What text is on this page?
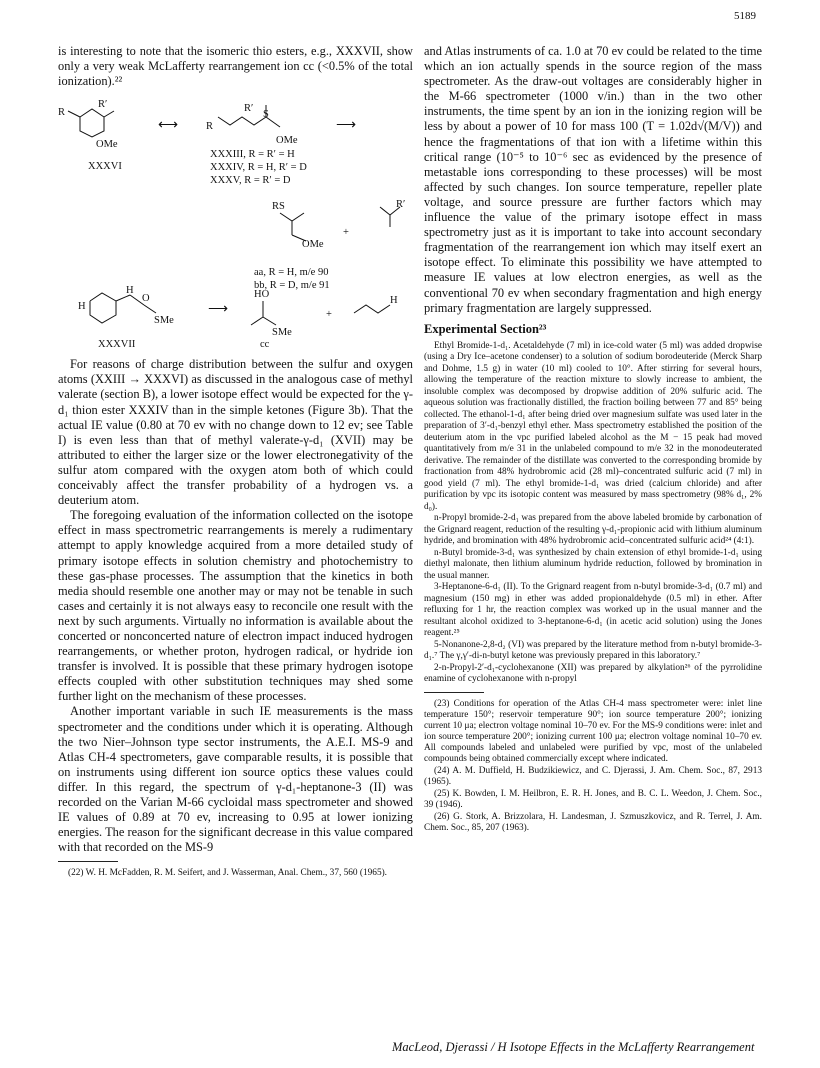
5189

is interesting to note that the isomeric thio esters, e.g., XXXVII, show only a very weak McLafferty rearrangement ion cc (<0.5% of the total ionization).²²

R
R′
OMe
XXXVI
⟷	R
R′
S
OMe
⟶
XXXIII, R = R′ = H
XXXIV, R = H, R′ = D
XXXV, R = R′ = D
RS
OMe
+
R′
aa, R = H, m/e 90
bb, R = D, m/e 91
H
H
O
SMe
⟶
HO
SMe
+
H
XXXVII	cc

For reasons of charge distribution between the sulfur and oxygen atoms (XXIII → XXXVI) as discussed in the analogous case of methyl valerate (section B), a lower isotope effect would be expected for the γ-d₁ thion ester XXXIV than in the simple ketones (Figure 3b). That the actual IE value (0.80 at 70 ev with no change down to 12 ev; see Table I) is even less than that of methyl valerate-γ-d₁ (XVII) may be attributed to either the larger size or the lower electronegativity of the sulfur atom compared with the oxygen atom both of which could conceivably affect the transfer probability of a hydrogen vs. a deuterium atom.

The foregoing evaluation of the information collected on the isotope effect in mass spectrometric rearrangements is merely a rudimentary attempt to apply knowledge acquired from a more detailed study of primary isotope effects in solution chemistry and photochemistry to these gas-phase processes. The assumption that the kinetics in both media should resemble one another may or may not be tenable in such cases and certainly it is not always easy to reconcile one result with the next by such arguments. Virtually no information is available about the concerted or nonconcerted nature of electron impact induced hydrogen rearrangements, or whether proton, hydrogen radical, or hydride ion transfer is involved. It is possible that these primary hydrogen isotope effects coupled with other substitution techniques may shed some further light on the mechanism of these processes.

Another important variable in such IE measurements is the mass spectrometer and the conditions under which it is operating. Although the two Nier–Johnson type sector instruments, the A.E.I. MS-9 and Atlas CH-4 spectrometers, gave comparable results, it is possible that on instruments using different ion source optics these values could differ. In this regard, the spectrum of γ-d₁-heptanone-3 (II) was recorded on the Varian M-66 cycloidal mass spectrometer and showed IE values of 0.89 at 70 ev, increasing to 0.95 at lower ionizing energies. The reason for the significant decrease in this value compared with that recorded on the MS-9

(22) W. H. McFadden, R. M. Seifert, and J. Wasserman, Anal. Chem., 37, 560 (1965).

and Atlas instruments of ca. 1.0 at 70 ev could be related to the time which an ion actually spends in the source region of the mass spectrometer. As the draw-out voltages are considerably higher in the M-66 spectrometer (1000 v/in.) than in the two other instruments, the time spent by an ion in the ionizing region will be less by about a power of 10 for mass 100 (T = 1.02d√(M/V)) and hence the fragmentations of that ion with a lifetime within this critical range (10⁻⁵ to 10⁻⁶ sec as evidenced by the presence of metastable ions corresponding to these processes) will be most affected by such changes. Ion source temperature, repeller plate voltage, and source pressure are further factors which may influence the value of the primary isotope effect in mass spectrometry just as it is important to take into account secondary fragmentation of the rearrangement ion which may itself exert an isotope effect. To eliminate this possibility we have attempted to measure IE values at low electron energies, as well as the conventional 70 ev when secondary fragmentation and high energy primary fragmentation are largely suppressed.

Experimental Section²³

Ethyl Bromide-1-d₁. Acetaldehyde (7 ml) in ice-cold water (5 ml) was added dropwise (using a Dry Ice–acetone condenser) to a solution of sodium borodeuteride (Merck Sharp and Dohme, 1.5 g) in water (10 ml) cooled to 10°. After stirring for several hours, allowing the temperature of the reaction mixture to slowly increase to ambient, the insoluble complex was decomposed by dropwise addition of 20% sulfuric acid. The aqueous solution was fractionally distilled, the fraction boiling between 77 and 85° being collected. The ethanol-1-d₁ after being dried over magnesium sulfate was used later in the preparation of 3′-d₁-benzyl ethyl ether. Mass spectrometry established the position of the deuterium atom in the vpc purified labeled alcohol as the M − 15 peak had moved quantitatively from m/e 31 in the unlabeled compound to m/e 32 in the monodeuterated derivative. The remainder of the distillate was converted to the corresponding bromide by fractionation from 48% hydrobromic acid (28 ml)–concentrated sulfuric acid (7 ml) in good yield (7 ml). The ethyl bromide-1-d₁ was dried (calcium chloride) and after purification by vpc its isotopic content was measured by mass spectrometry (98% d₁, 2% d₀).

n-Propyl bromide-2-d₁ was prepared from the above labeled bromide by carbonation of the Grignard reagent, reduction of the resulting γ-d₁-propionic acid with lithium aluminum hydride, and bromination with 48% hydrobromic acid–concentrated sulfuric acid²⁴ (4:1).

n-Butyl bromide-3-d₁ was synthesized by chain extension of ethyl bromide-1-d₁ using diethyl malonate, then lithium aluminum hydride reduction, followed by bromination in the usual manner.

3-Heptanone-6-d₁ (II). To the Grignard reagent from n-butyl bromide-3-d₁ (0.7 ml) and magnesium (150 mg) in ether was added propionaldehyde (0.5 ml) in ether. After refluxing for 1 hr, the reaction complex was worked up in the usual manner and the resultant alcohol oxidized to 3-heptanone-6-d₁ (in acetic acid solution) using the Jones reagent.²⁵

5-Nonanone-2,8-d₂ (VI) was prepared by the literature method from n-butyl bromide-3-d₁.⁷ The γ,γ′-di-n-butyl ketone was previously prepared in this laboratory.⁷

2-n-Propyl-2′-d₁-cyclohexanone (XII) was prepared by alkylation²⁶ of the pyrrolidine enamine of cyclohexanone with n-propyl

(23) Conditions for operation of the Atlas CH-4 mass spectrometer were: inlet line temperature 150°; reservoir temperature 90°; ion source temperature 200°; ionizing current 10 μa; electron voltage nominal 10–70 ev. For the MS-9 conditions were: inlet and ion source temperature 200°; ionizing current 100 μa; electron voltage nominal 10–70 ev. All compounds labeled and unlabeled were purified by vpc, most of the unlabeled compounds being obtained commercially except where indicated.

(24) A. M. Duffield, H. Budzikiewicz, and C. Djerassi, J. Am. Chem. Soc., 87, 2913 (1965).

(25) K. Bowden, I. M. Heilbron, E. R. H. Jones, and B. C. L. Weedon, J. Chem. Soc., 39 (1946).

(26) G. Stork, A. Brizzolara, H. Landesman, J. Szmuszkovicz, and R. Terrel, J. Am. Chem. Soc., 85, 207 (1963).

MacLeod, Djerassi / H Isotope Effects in the McLafferty Rearrangement
